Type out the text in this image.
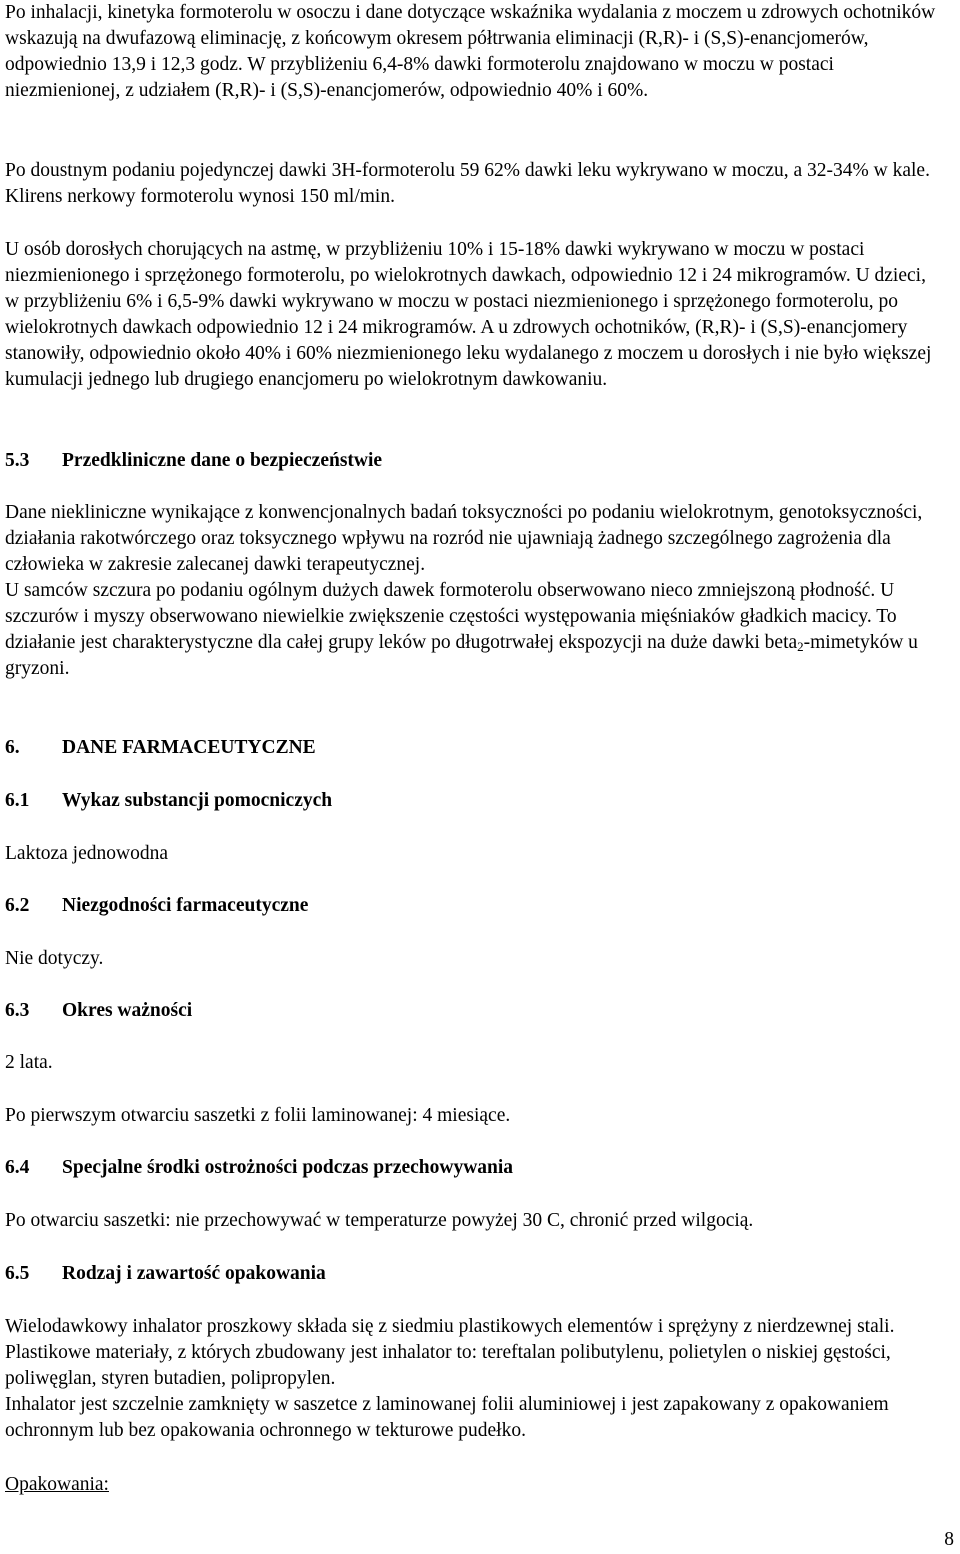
Po inhalacji, kinetyka formoterolu w osoczu i dane dotyczące wskaźnika wydalania z moczem u zdrowych ochotników wskazują na dwufazową eliminację, z końcowym okresem półtrwania eliminacji (R,R)- i (S,S)-enancjomerów, odpowiednio 13,9 i 12,3 godz. W przybliżeniu 6,4-8% dawki formoterolu znajdowano w moczu w postaci niezmienionej, z udziałem (R,R)- i (S,S)-enancjomerów, odpowiednio 40% i 60%.

Po doustnym podaniu pojedynczej dawki 3H-formoterolu 59 62% dawki leku wykrywano w moczu, a 32-34% w kale. Klirens nerkowy formoterolu wynosi 150 ml/min.

U osób dorosłych chorujących na astmę, w przybliżeniu 10% i 15-18% dawki wykrywano w moczu w postaci niezmienionego i sprzężonego formoterolu, po wielokrotnych dawkach, odpowiednio 12 i 24 mikrogramów. U dzieci, w przybliżeniu 6% i 6,5-9% dawki wykrywano w moczu w postaci niezmienionego i sprzężonego formoterolu, po wielokrotnych dawkach odpowiednio 12 i 24 mikrogramów. A u zdrowych ochotników, (R,R)- i (S,S)-enancjomery stanowiły, odpowiednio około 40% i 60% niezmienionego leku wydalanego z moczem u dorosłych i nie było większej kumulacji jednego lub drugiego enancjomeru po wielokrotnym dawkowaniu.

5.3	Przedkliniczne dane o bezpieczeństwie

Dane niekliniczne wynikające z konwencjonalnych badań toksyczności po podaniu wielokrotnym, genotoksyczności, działania rakotwórczego oraz toksycznego wpływu na rozród nie ujawniają żadnego szczególnego zagrożenia dla człowieka w zakresie zalecanej dawki terapeutycznej.

U samców szczura po podaniu ogólnym dużych dawek formoterolu obserwowano nieco zmniejszoną płodność. U szczurów i myszy obserwowano niewielkie zwiększenie częstości występowania mięśniaków gładkich macicy. To działanie jest charakterystyczne dla całej grupy leków po długotrwałej ekspozycji na duże dawki beta$_2$-mimetyków u gryzoni.

6.	DANE FARMACEUTYCZNE
6.1	Wykaz substancji pomocniczych

Laktoza jednowodna

6.2	Niezgodności farmaceutyczne

Nie dotyczy.

6.3	Okres ważności

2 lata.

Po pierwszym otwarciu saszetki z folii laminowanej: 4 miesiące.

6.4	Specjalne środki ostrożności podczas przechowywania

Po otwarciu saszetki: nie przechowywać w temperaturze powyżej 30 C, chronić przed wilgocią.

6.5	Rodzaj i zawartość opakowania

Wielodawkowy inhalator proszkowy składa się z siedmiu plastikowych elementów i sprężyny z nierdzewnej stali. Plastikowe materiały, z których zbudowany jest inhalator to: tereftalan polibutylenu, polietylen o niskiej gęstości, poliwęglan, styren butadien, polipropylen.

Inhalator jest szczelnie zamknięty w saszetce z laminowanej folii aluminiowej i jest zapakowany z opakowaniem ochronnym lub bez opakowania ochronnego w tekturowe pudełko.

Opakowania:

8
